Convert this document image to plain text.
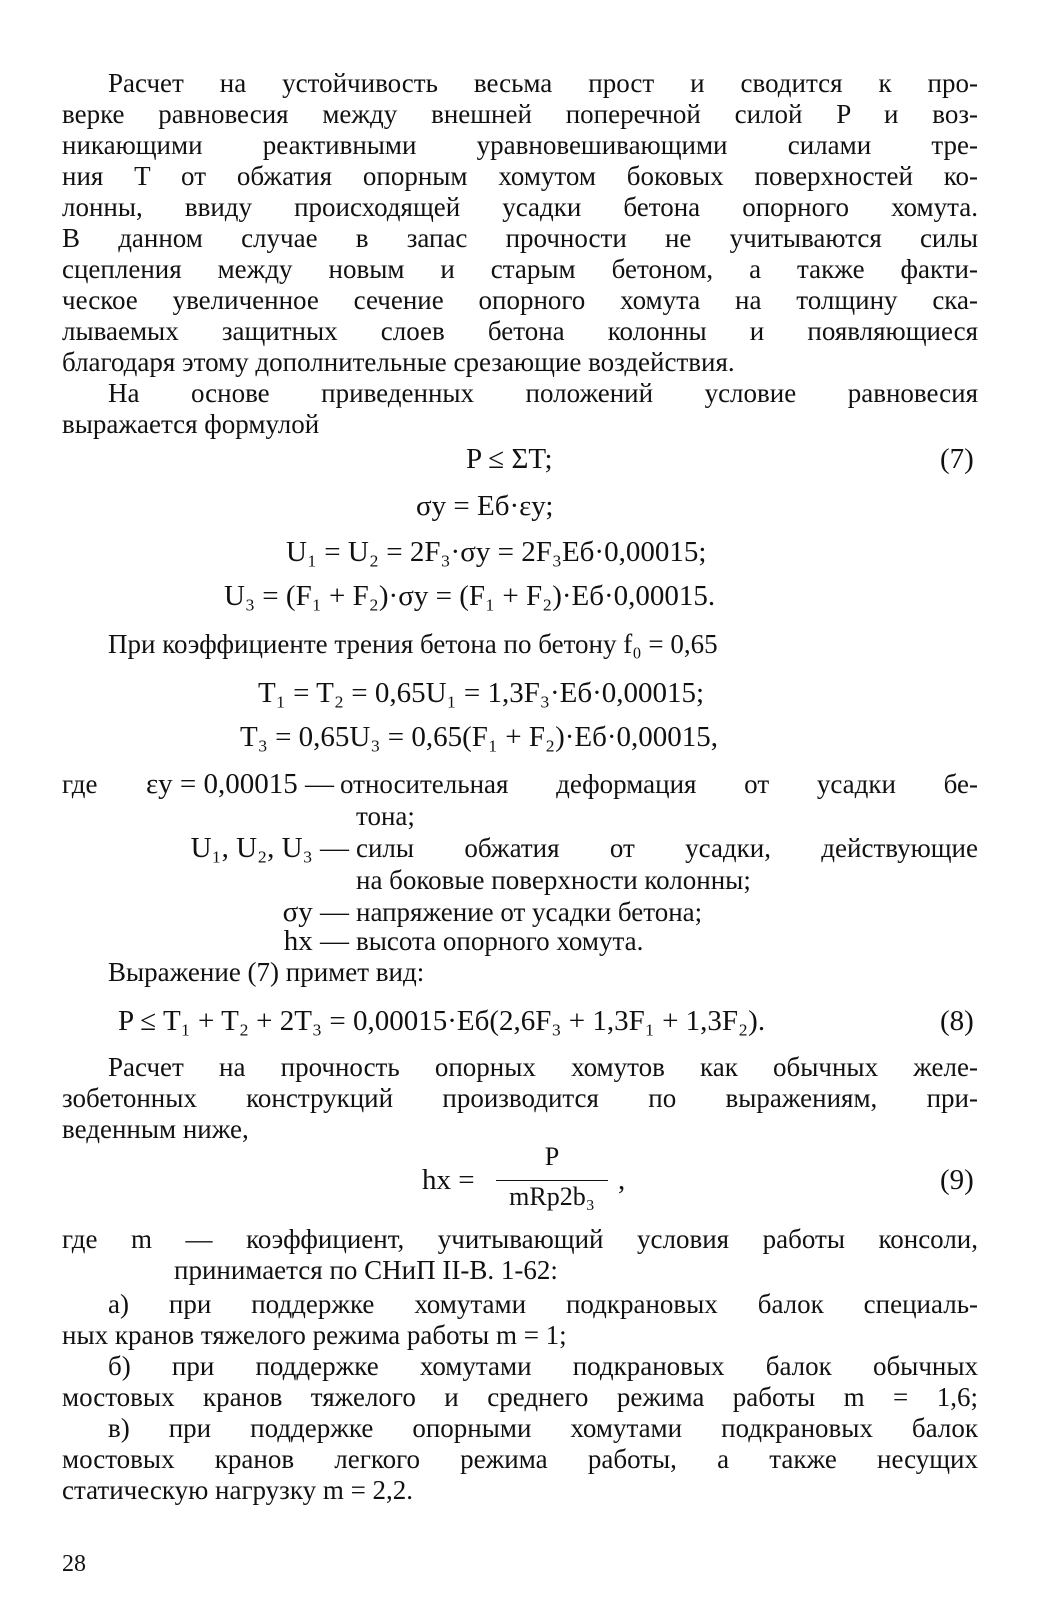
Расчет на устойчивость весьма прост и сводится к про-
верке равновесия между внешней поперечной силой P и воз-
никающими реактивными уравновешивающими силами тре-
ния T от обжатия опорным хомутом боковых поверхностей ко-
лонны, ввиду происходящей усадки бетона опорного хомута.
В данном случае в запас прочности не учитываются силы
сцепления между новым и старым бетоном, а также факти-
ческое увеличенное сечение опорного хомута на толщину ска-
лываемых защитных слоев бетона колонны и появляющиеся
благодаря этому дополнительные срезающие воздействия.
На основе приведенных положений условие равновесия
выражается формулой
P ≤ ΣT;	(7)
σу = Eб·εу;
U₁ = U₂ = 2F₃·σу = 2F₃Eб·0,00015;
U₃ = (F₁ + F₂)·σу = (F₁ + F₂)·Eб·0,00015.
При коэффициенте трения бетона по бетону f₀ = 0,65
T₁ = T₂ = 0,65U₁ = 1,3F₃·Eб·0,00015;
T₃ = 0,65U₃ = 0,65(F₁ + F₂)·Eб·0,00015,
где	εу = 0,00015 — относительная деформация от усадки бе-
тона;
U₁, U₂, U₃ — силы обжатия от усадки, действующие
на боковые поверхности колонны;
σу — напряжение от усадки бетона;
hх — высота опорного хомута.
Выражение (7) примет вид:
P ≤ T₁ + T₂ + 2T₃ = 0,00015·Eб(2,6F₃ + 1,3F₁ + 1,3F₂).	(8)
Расчет на прочность опорных хомутов как обычных желе-
зобетонных конструкций производится по выражениям, при-
веденным ниже,
hх =
P
mRр2b₃
,	(9)
где m — коэффициент, учитывающий условия работы консоли,
принимается по СНиП II-В. 1-62:
а) при поддержке хомутами подкрановых балок специаль-
ных кранов тяжелого режима работы m = 1;
б) при поддержке хомутами подкрановых балок обычных
мостовых кранов тяжелого и среднего режима работы m = 1,6;
в) при поддержке опорными хомутами подкрановых балок
мостовых кранов легкого режима работы, а также несущих
статическую нагрузку m = 2,2.
28
